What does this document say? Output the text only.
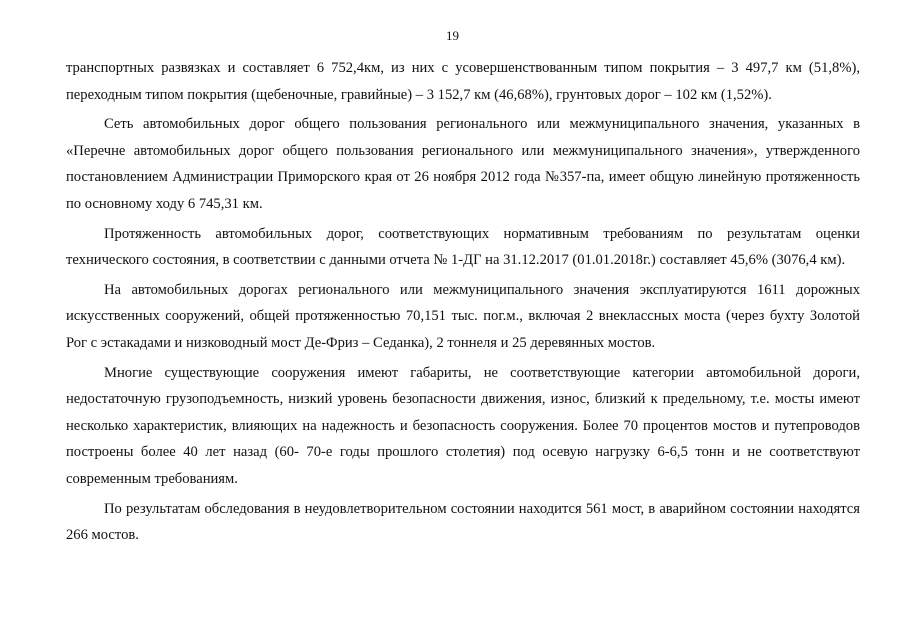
19

транспортных развязках и составляет 6 752,4км, из них с усовершенствованным типом покрытия – 3 497,7 км (51,8%), переходным типом покрытия (щебеночные, гравийные) – 3 152,7 км (46,68%), грунтовых дорог – 102 км (1,52%).

Сеть автомобильных дорог общего пользования регионального или межмуниципального значения, указанных в «Перечне автомобильных дорог общего пользования регионального или межмуниципального значения», утвержденного постановлением Администрации Приморского края от 26 ноября 2012 года №357-па, имеет общую линейную протяженность по основному ходу 6 745,31 км.

Протяженность автомобильных дорог, соответствующих нормативным требованиям по результатам оценки технического состояния, в соответствии с данными отчета № 1-ДГ на 31.12.2017 (01.01.2018г.) составляет 45,6% (3076,4 км).

На автомобильных дорогах регионального или межмуниципального значения эксплуатируются 1611 дорожных искусственных сооружений, общей протяженностью 70,151 тыс. пог.м., включая 2 внеклассных моста (через бухту Золотой Рог с эстакадами и низководный мост Де-Фриз – Седанка), 2 тоннеля и 25 деревянных мостов.

Многие существующие сооружения имеют габариты, не соответствующие категории автомобильной дороги, недостаточную грузоподъемность, низкий уровень безопасности движения, износ, близкий к предельному, т.е. мосты имеют несколько характеристик, влияющих на надежность и безопасность сооружения. Более 70 процентов мостов и путепроводов построены более 40 лет назад (60- 70-е годы прошлого столетия) под осевую нагрузку 6-6,5 тонн и не соответствуют современным требованиям.

По результатам обследования в неудовлетворительном состоянии находится 561 мост, в аварийном состоянии находятся 266 мостов.
